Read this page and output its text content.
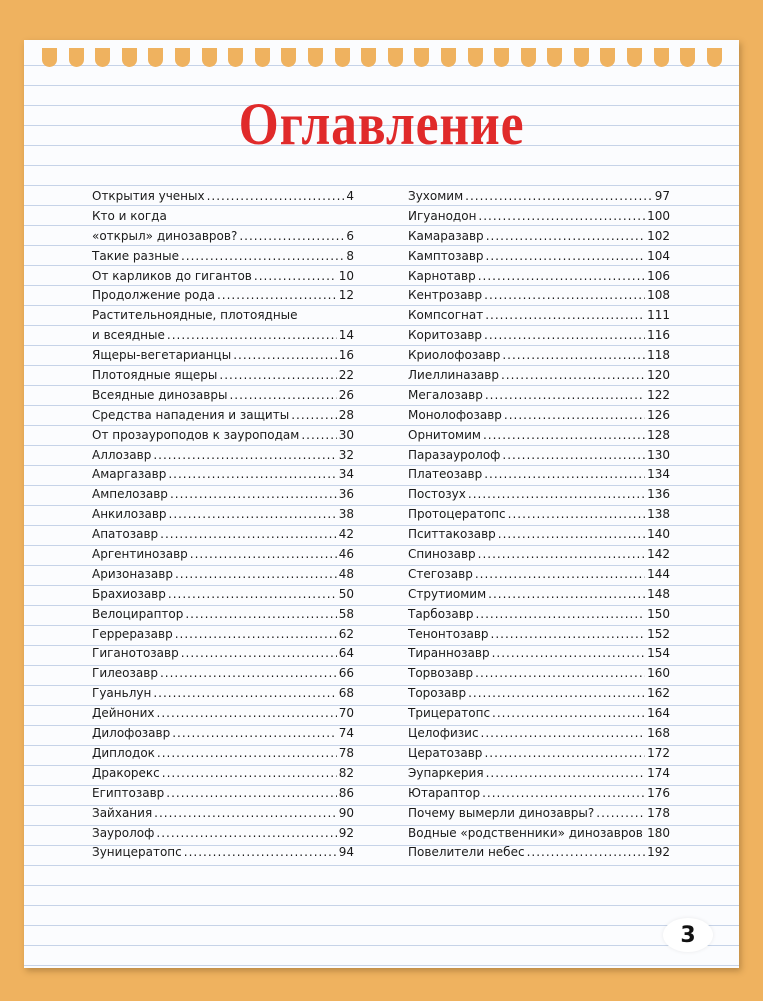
Оглавление
Открытия ученых .....	4
Кто и когда
«открыл» динозавров? .....	6
Такие разные .....	8
От карликов до гигантов .....	10
Продолжение рода .....	12
Растительноядные, плотоядные
и всеядные .....	14
Ящеры-вегетарианцы .....	16
Плотоядные ящеры .....	22
Всеядные динозавры .....	26
Средства нападения и защиты .....	28
От прозауроподов к зауроподам .....	30
Аллозавр .....	32
Амаргазавр .....	34
Ампелозавр .....	36
Анкилозавр .....	38
Апатозавр .....	42
Аргентинозавр .....	46
Аризоназавр .....	48
Брахиозавр .....	50
Велоцираптор .....	58
Герреразавр .....	62
Гиганотозавр .....	64
Гилеозавр .....	66
Гуаньлун .....	68
Дейноних .....	70
Дилофозавр .....	74
Диплодок .....	78
Дракорекс .....	82
Египтозавр .....	86
Зайхания .....	90
Зауролоф .....	92
Зуницератопс .....	94
Зухомим .....	97
Игуанодон .....	100
Камаразавр .....	102
Камптозавр .....	104
Карнотавр .....	106
Кентрозавр .....	108
Компсогнат .....	111
Коритозавр .....	116
Криолофозавр .....	118
Лиеллиназавр .....	120
Мегалозавр .....	122
Монолофозавр .....	126
Орнитомим .....	128
Паразауролоф .....	130
Платеозавр .....	134
Постозух .....	136
Протоцератопс .....	138
Пситтакозавр .....	140
Спинозавр .....	142
Стегозавр .....	144
Струтиомим .....	148
Тарбозавр .....	150
Тенонтозавр .....	152
Тираннозавр .....	154
Торвозавр .....	160
Торозавр .....	162
Трицератопс .....	164
Целофизис .....	168
Цератозавр .....	172
Эупаркерия .....	174
Ютараптор .....	176
Почему вымерли динозавры? .....	178
Водные «родственники» динозавров ..... 180
Повелители небес .....	192
3
